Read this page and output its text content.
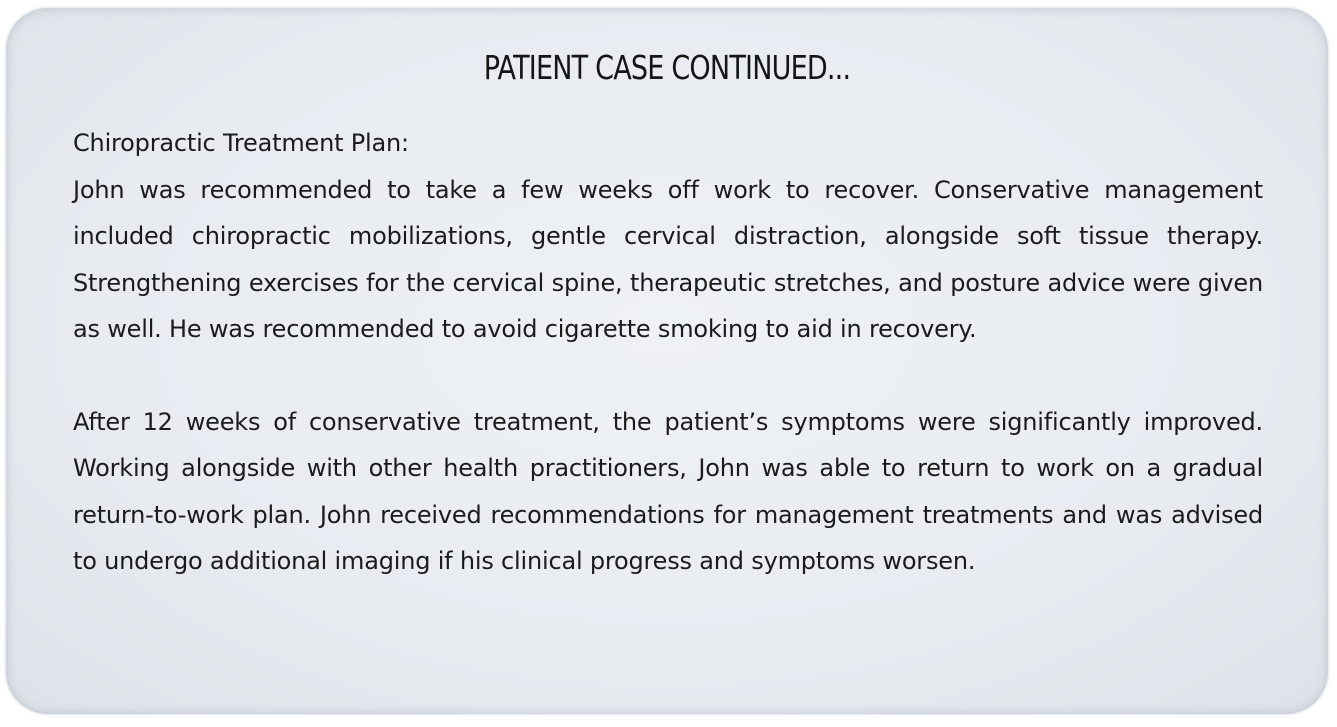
PATIENT CASE CONTINUED...
Chiropractic Treatment Plan:

John was recommended to take a few weeks off work to recover. Conservative management included chiropractic mobilizations, gentle cervical distraction, alongside soft tissue therapy. Strengthening exercises for the cervical spine, therapeutic stretches, and posture advice were given as well. He was recommended to avoid cigarette smoking to aid in recovery.

After 12 weeks of conservative treatment, the patient’s symptoms were significantly improved. Working alongside with other health practitioners, John was able to return to work on a gradual return-to-work plan. John received recommendations for management treatments and was advised to undergo additional imaging if his clinical progress and symptoms worsen.
